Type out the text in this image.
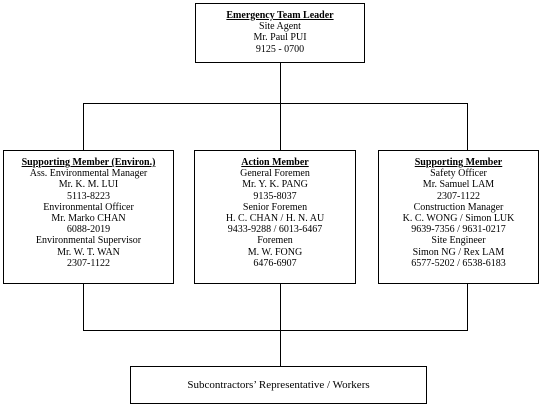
Emergency Team Leader
Site Agent
Mr. Paul PUI
9125 - 0700
Supporting Member (Environ.)
Ass. Environmental Manager
Mr. K. M. LUI
5113-8223
Environmental Officer
Mr. Marko CHAN
6088-2019
Environmental Supervisor
Mr. W. T. WAN
2307-1122
Action Member
General Foremen
Mr. Y. K. PANG
9135-8037
Senior Foremen
H. C. CHAN / H. N. AU
9433-9288 / 6013-6467
Foremen
M. W. FONG
6476-6907
Supporting Member
Safety Officer
Mr. Samuel LAM
2307-1122
Construction Manager
K. C. WONG / Simon LUK
9639-7356 / 9631-0217
Site Engineer
Simon NG / Rex LAM
6577-5202 / 6538-6183
Subcontractors’ Representative / Workers
